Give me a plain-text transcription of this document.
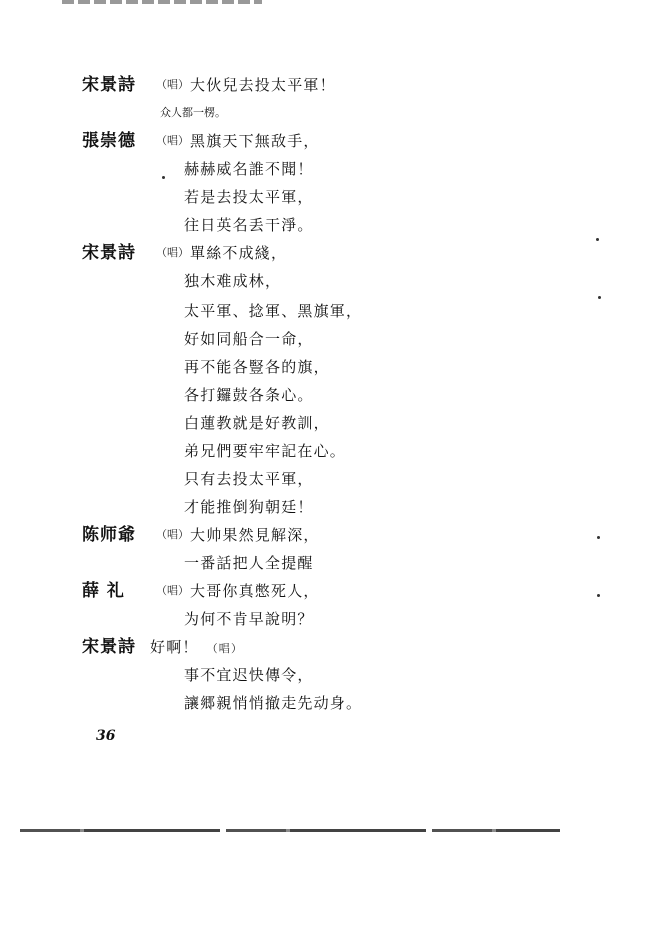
宋景詩	（唱） 大伙兒去投太平軍！
众人都一楞。
張崇德	（唱） 黑旗天下無敌手，
赫赫威名誰不聞！
若是去投太平軍，
往日英名丢干淨。
宋景詩	（唱） 單絲不成綫，
独木难成林，
太平軍、捻軍、黑旗軍，
好如同船合一命，
再不能各豎各的旗，
各打鑼鼓各条心。
白蓮教就是好教訓，
弟兄們要牢牢記在心。
只有去投太平軍，
才能推倒狗朝廷！
陈师爺	（唱） 大帅果然見解深，
一番話把人全提醒
薛 礼	（唱） 大哥你真憋死人，
为何不肯早說明？
宋景詩 好啊！ （唱）
事不宜迟快傳令，
讓郷親悄悄撤走先动身。
36
